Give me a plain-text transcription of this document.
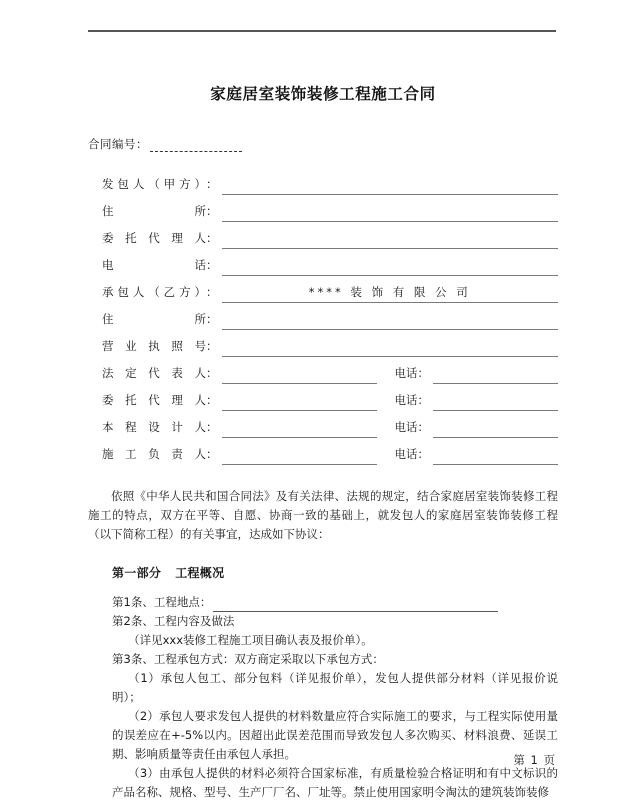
家庭居室装饰装修工程施工合同
合同编号：
发包人（甲方） ：
住所 ：
委托代理人 ：
电话 ：
承包人（乙方） ：	**** 装 饰 有 限 公 司
住所 ：
营业执照号 ：
法定代表人 ：	电话：
委托代理人 ：	电话：
本程设计人 ：	电话：
施工负责人 ：	电话：

依照《中华人民共和国合同法》及有关法律、法规的规定，结合家庭居室装饰装修工程施工的特点，双方在平等、自愿、协商一致的基础上，就发包人的家庭居室装饰装修工程（以下简称工程）的有关事宜，达成如下协议：

第一部分 工程概况
第1条、工程地点：
第2条、工程内容及做法
（详见xxx装修工程施工项目确认表及报价单）。
第3条、工程承包方式：双方商定采取以下承包方式：
（1）承包人包工、部分包料（详见报价单），发包人提供部分材料（详见报价说明）；
（2）承包人要求发包人提供的材料数量应符合实际施工的要求，与工程实际使用量的误差应在+-5%以内。因超出此误差范围而导致发包人多次购买、材料浪费、延误工期、影响质量等责任由承包人承担。
（3）由承包人提供的材料必须符合国家标准，有质量检验合格证明和有中文标识的产品名称、规格、型号、生产厂厂名、厂址等。禁止使用国家明令淘汰的建筑装饰装修
第 1 页
